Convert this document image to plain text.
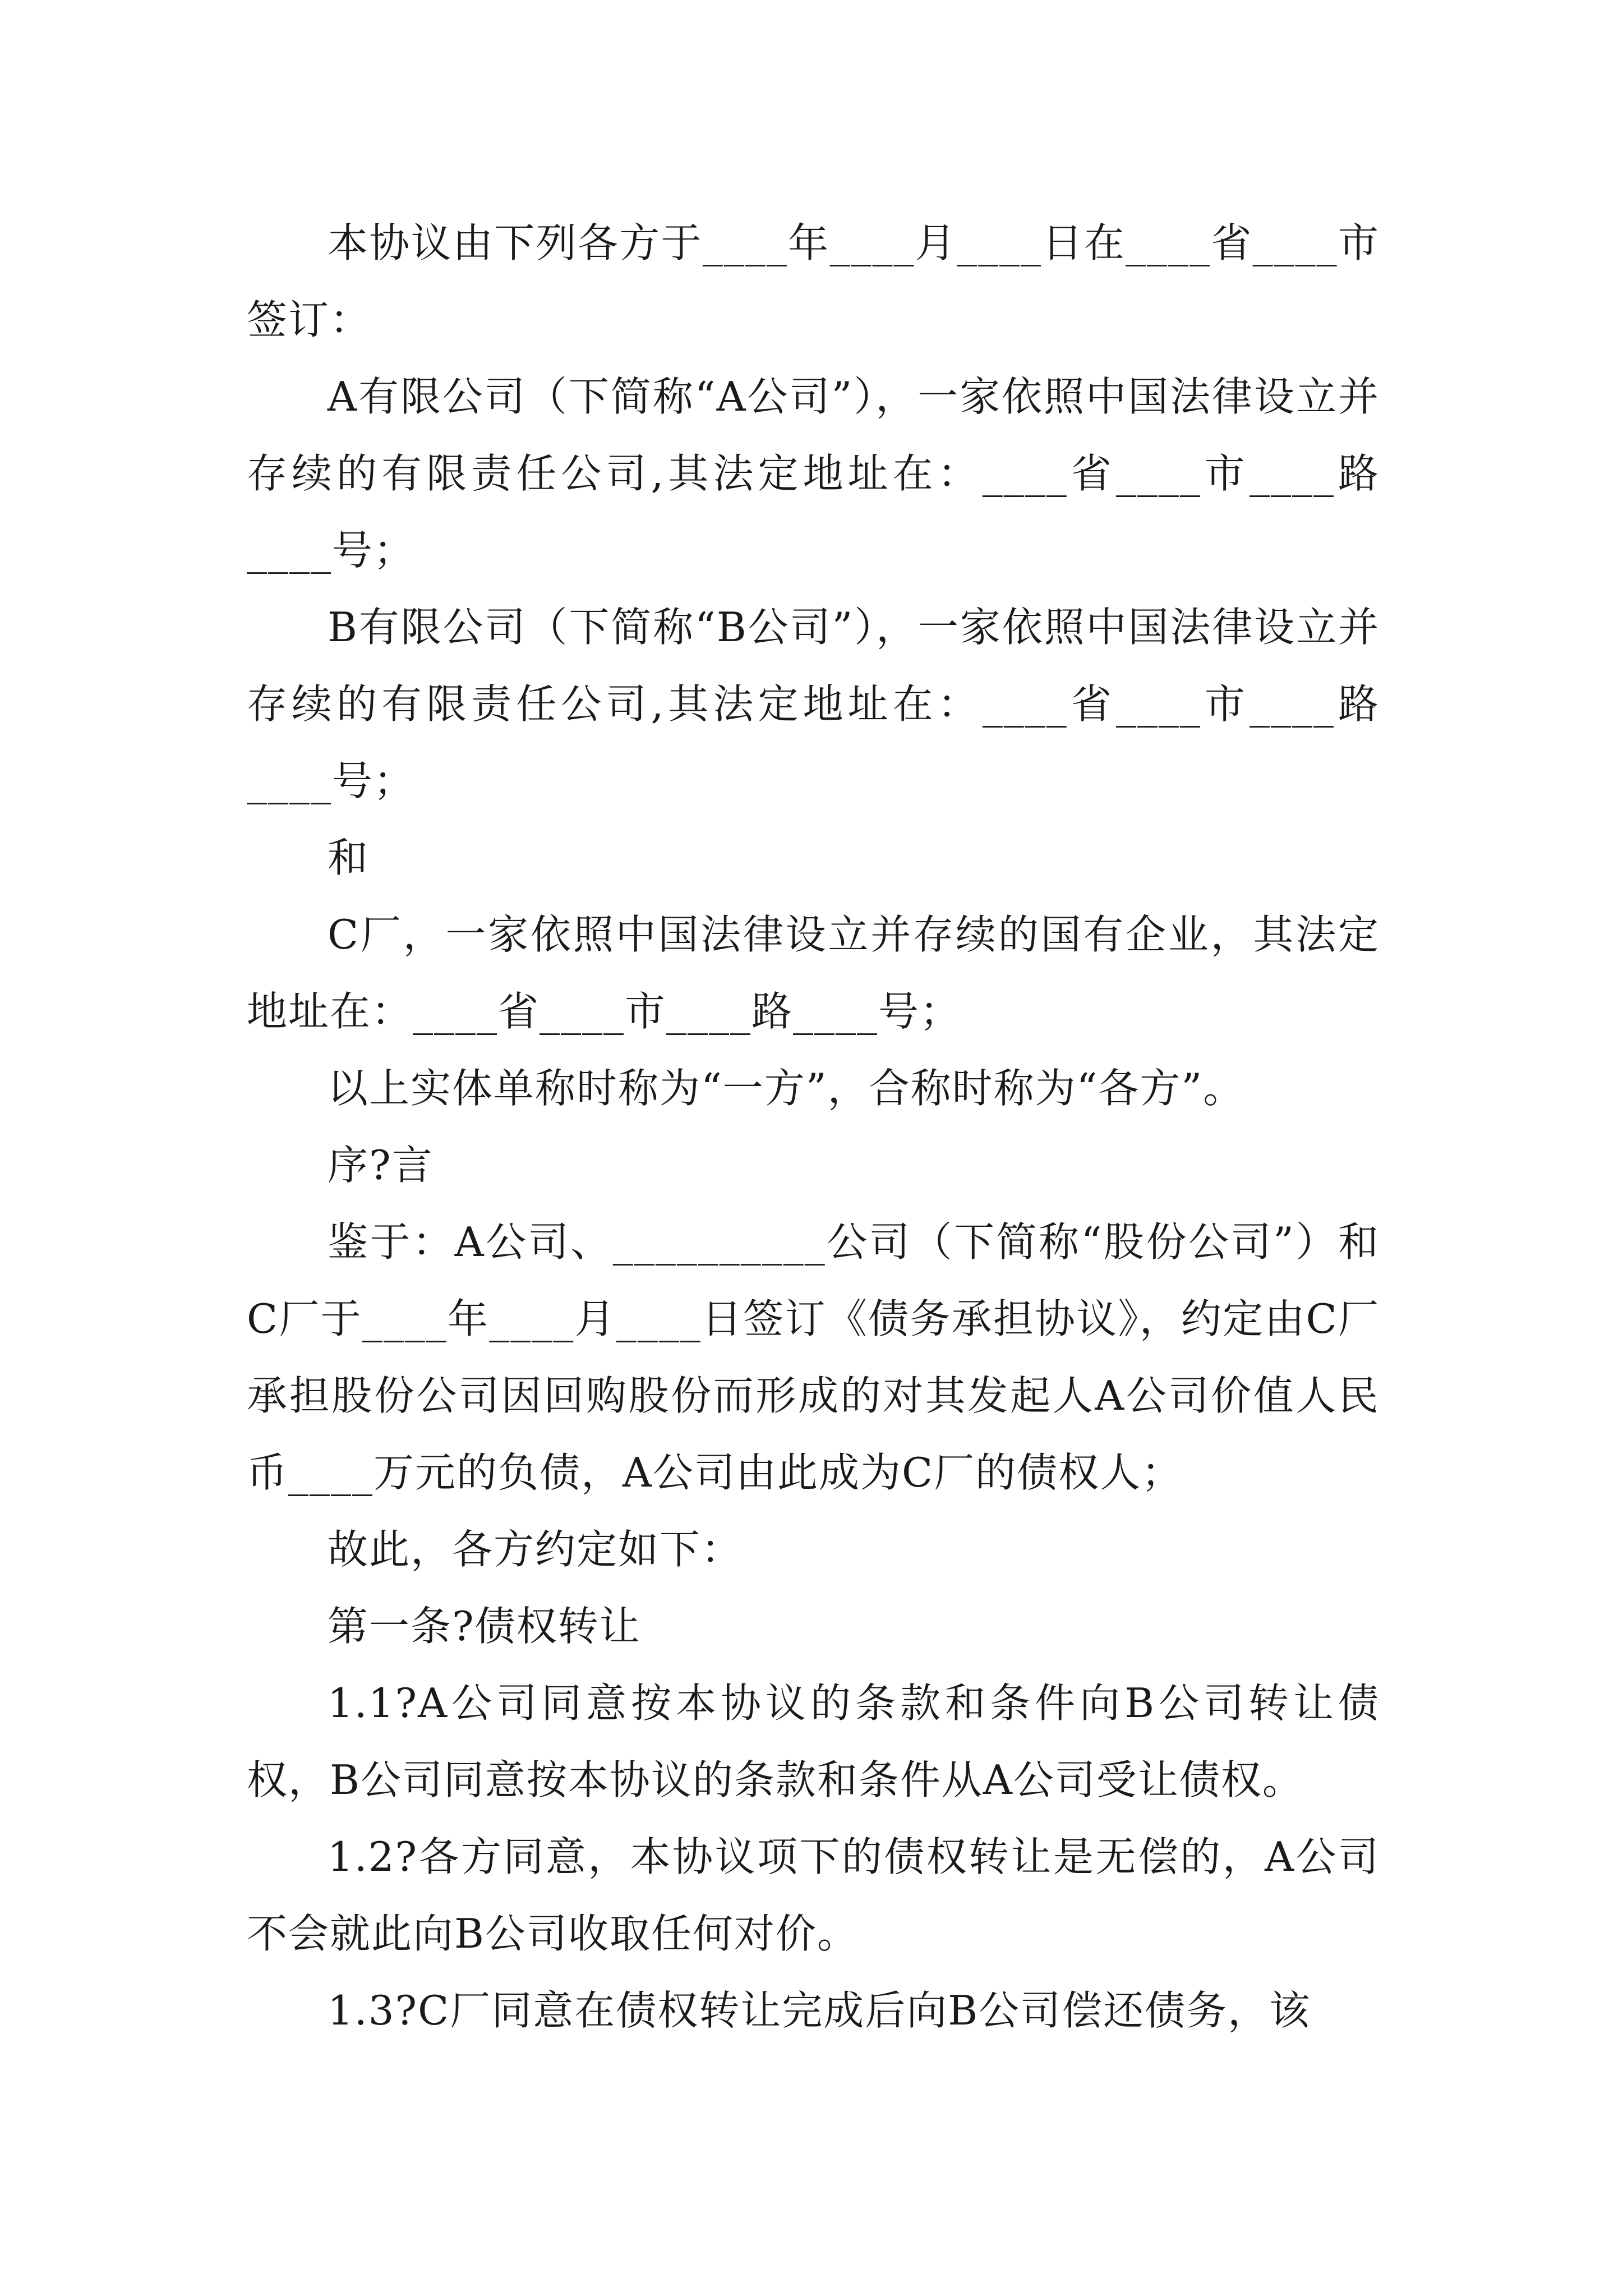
本协议由下列各方于____年____月____日在____省____市签订：

A有限公司（下简称“A公司”），一家依照中国法律设立并存续的有限责任公司,其法定地址在：____省____市____路____号；

B有限公司（下简称“B公司”），一家依照中国法律设立并存续的有限责任公司,其法定地址在：____省____市____路____号；

和

C厂，一家依照中国法律设立并存续的国有企业，其法定地址在：____省____市____路____号；

以上实体单称时称为“一方”，合称时称为“各方”。

序?言

鉴于：A公司、__________公司（下简称“股份公司”）和C厂于____年____月____日签订《债务承担协议》，约定由C厂承担股份公司因回购股份而形成的对其发起人A公司价值人民币____万元的负债，A公司由此成为C厂的债权人；

故此，各方约定如下：

第一条?债权转让

1.1?A公司同意按本协议的条款和条件向B公司转让债权，B公司同意按本协议的条款和条件从A公司受让债权。

1.2?各方同意，本协议项下的债权转让是无偿的，A公司不会就此向B公司收取任何对价。

1.3?C厂同意在债权转让完成后向B公司偿还债务，该
